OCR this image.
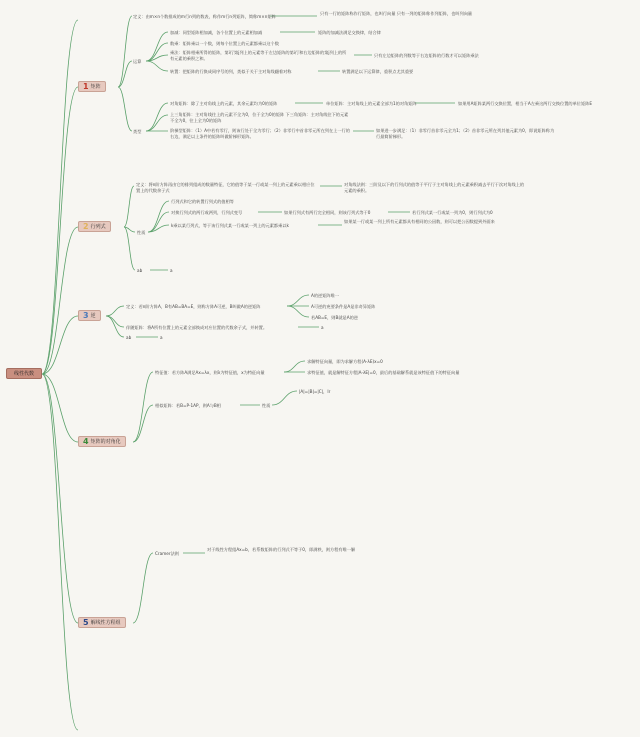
线性代数
1 矩阵
2 行列式
3 逆
4 矩阵的对角化
5 解线性方程组
定义：由m×n个数排成的m行n列的数表，称作m行n列矩阵，简称m×n矩阵
只有一行的矩阵称作行矩阵，也叫行向量 只有一列的矩阵称作列矩阵，也叫列向量
运算
加减：同型矩阵相加减，各个位置上的元素相加减	矩阵的加减法满足交换律，结合律
数乘：矩阵乘以一个数，则每个位置上的元素都乘以这个数
乘法：矩阵相乘所得的矩阵，第i行第j列上的元素等于左边矩阵的第i行和右边矩阵的第j列上的所有元素的乘积之和。
只有左边矩阵的列数等于右边矩阵的行数才可以矩阵乘法
转置：把矩阵的行换成同序号的列，类似于关于主对角线翻着对称	转置满足以下运算律，重积点尤其重要
类型
对角矩阵：除了主对角线上的元素，其余元素均为0的矩阵	单位矩阵：主对角线上的元素全部为1的对角矩阵	如果用A矩阵某两行交换位置，相当于A左乘这两行交换位置的单位矩阵E
上三角矩阵：主对角线往上的元素不全为0，位于全为0的矩阵 下三角矩阵：主对角线往下的元素不全为0，往上全为0的矩阵
阶梯型矩阵：（1）A中若有零行，则该行处于全为零行；（2）非零行中首非零元所在列在上一行的右边，满足以上条件的矩阵叫做阶梯形矩阵。
如果进一步满足：（1）非零行首非零元全为1；（2）首非零元所在列其他元素为0，即说矩阵称为行最简阶梯形。
定义：将n阶方阵再由它的排列组成的数量特征，它的值等于某一行或某一列上的元素乘以相应位置上的代数余子式
对角线法则：三阶及以下的行列式的值等于平行于主对角线上的元素乘积减去平行于次对角线上的元素的乘积。
性质
行列式和它的转置行列式的值相等
对换行列式的两行或两列，行列式变号	如果行列式有两行完全相同，则该行列式等于0	若行列式某一行或某一列为0，则行列式为0
k乘以某行列式，等于该行列式某一行或某一列上的元素都乘以k
如果某一行或某一列上所有元素都具有相同的公因数，则可以把公因数提到外面来
ab	a
定义：若n阶方阵A，B有AB=BA=E，则称方阵A可逆，B叫做A的逆矩阵
A的逆矩阵唯一
A可逆的充要条件是A是非奇异矩阵
若AB=E，则B就是A的逆
伴随矩阵：将A所有位置上的元素全部换成对应位置的代数余子式，并转置。	a
ab	a
特征值：若方阵A满足Ax=λx，则λ为特征值，x为特征向量
求解特征向量，即为求解方程(A-λE)x=0
求特征值，就是解特征方程|A-λE|=0，最后的基础解系就是该特征值下的特征向量
相似矩阵：若B=P-1AP，则A与B相	性质
|A|=|B|=|C|，Ir
Cramer法则
对于线性方程组Ax=b，若系数矩阵的行列式不等于0，即满秩，则方程有唯一解
